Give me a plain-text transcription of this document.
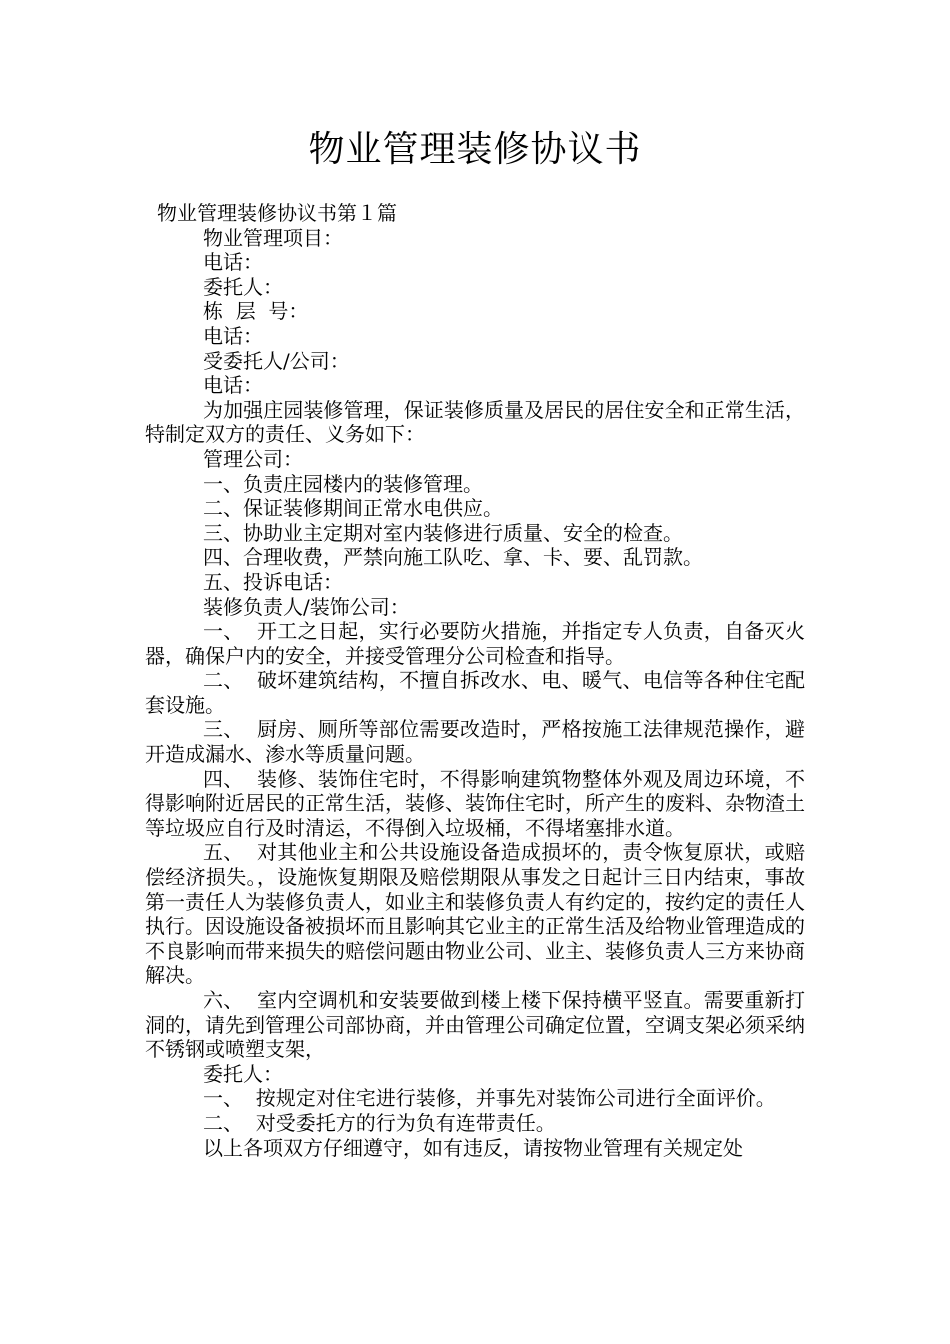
物业管理装修协议书

物业管理装修协议书第１篇

物业管理项目：

电话：

委托人：

栋  层  号：

电话：

受委托人/公司：

电话：

为加强庄园装修管理，保证装修质量及居民的居住安全和正常生活，特制定双方的责任、义务如下：

管理公司：

一、负责庄园楼内的装修管理。

二、保证装修期间正常水电供应。

三、协助业主定期对室内装修进行质量、安全的检查。

四、合理收费，严禁向施工队吃、拿、卡、要、乱罚款。

五、投诉电话：

装修负责人/装饰公司：

一、  开工之日起，实行必要防火措施，并指定专人负责，自备灭火器，确保户内的安全，并接受管理分公司检查和指导。

二、  破坏建筑结构，不擅自拆改水、电、暖气、电信等各种住宅配套设施。

三、  厨房、厕所等部位需要改造时，严格按施工法律规范操作，避开造成漏水、渗水等质量问题。

四、  装修、装饰住宅时，不得影响建筑物整体外观及周边环境，不得影响附近居民的正常生活，装修、装饰住宅时，所产生的废料、杂物渣土等垃圾应自行及时清运，不得倒入垃圾桶，不得堵塞排水道。

五、  对其他业主和公共设施设备造成损坏的，责令恢复原状，或赔偿经济损失。，设施恢复期限及赔偿期限从事发之日起计三日内结束，事故第一责任人为装修负责人，如业主和装修负责人有约定的，按约定的责任人执行。因设施设备被损坏而且影响其它业主的正常生活及给物业管理造成的不良影响而带来损失的赔偿问题由物业公司、业主、装修负责人三方来协商解决。

六、  室内空调机和安装要做到楼上楼下保持横平竖直。需要重新打洞的，请先到管理公司部协商，并由管理公司确定位置，空调支架必须采纳不锈钢或喷塑支架，

委托人：

一、  按规定对住宅进行装修，并事先对装饰公司进行全面评价。

二、  对受委托方的行为负有连带责任。

以上各项双方仔细遵守，如有违反，请按物业管理有关规定处
